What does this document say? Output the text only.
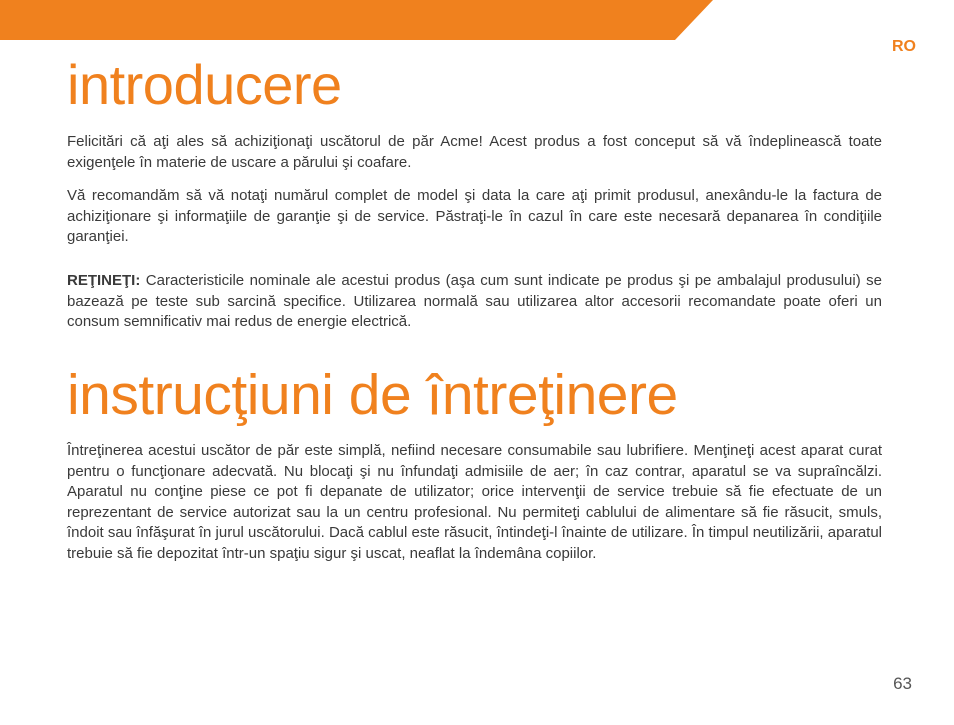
RO
introducere

Felicitări că aţi ales să achiziţionaţi uscătorul de păr Acme! Acest produs a fost conceput să vă îndeplinească toate exigenţele în materie de uscare a părului şi coafare.

Vă recomandăm să vă notaţi numărul complet de model şi data la care aţi primit produsul, anexându-le la factura de achiziţionare şi informaţiile de garanţie şi de service. Păstraţi-le în cazul în care este necesară depanarea în condiţiile garanţiei.

REŢINEŢI: Caracteristicile nominale ale acestui produs (aşa cum sunt indicate pe produs şi pe ambalajul produsului) se bazează pe teste sub sarcină specifice. Utilizarea normală sau utilizarea altor accesorii recomandate poate oferi un consum semnificativ mai redus de energie electrică.

instrucţiuni de întreţinere

Întreţinerea acestui uscător de păr este simplă, nefiind necesare consumabile sau lubrifiere. Menţineţi acest aparat curat pentru o funcţionare adecvată. Nu blocaţi şi nu înfundaţi admisiile de aer; în caz contrar, aparatul se va supraîncălzi. Aparatul nu conţine piese ce pot fi depanate de utilizator; orice intervenţii de service trebuie să fie efectuate de un reprezentant de service autorizat sau la un centru profesional. Nu permiteţi cablului de alimentare să fie răsucit, smuls, îndoit sau înfăşurat în jurul uscătorului. Dacă cablul este răsucit, întindeţi-l înainte de utilizare. În timpul neutilizării, aparatul trebuie să fie depozitat într-un spaţiu sigur şi uscat, neaflat la îndemâna copiilor.

63
